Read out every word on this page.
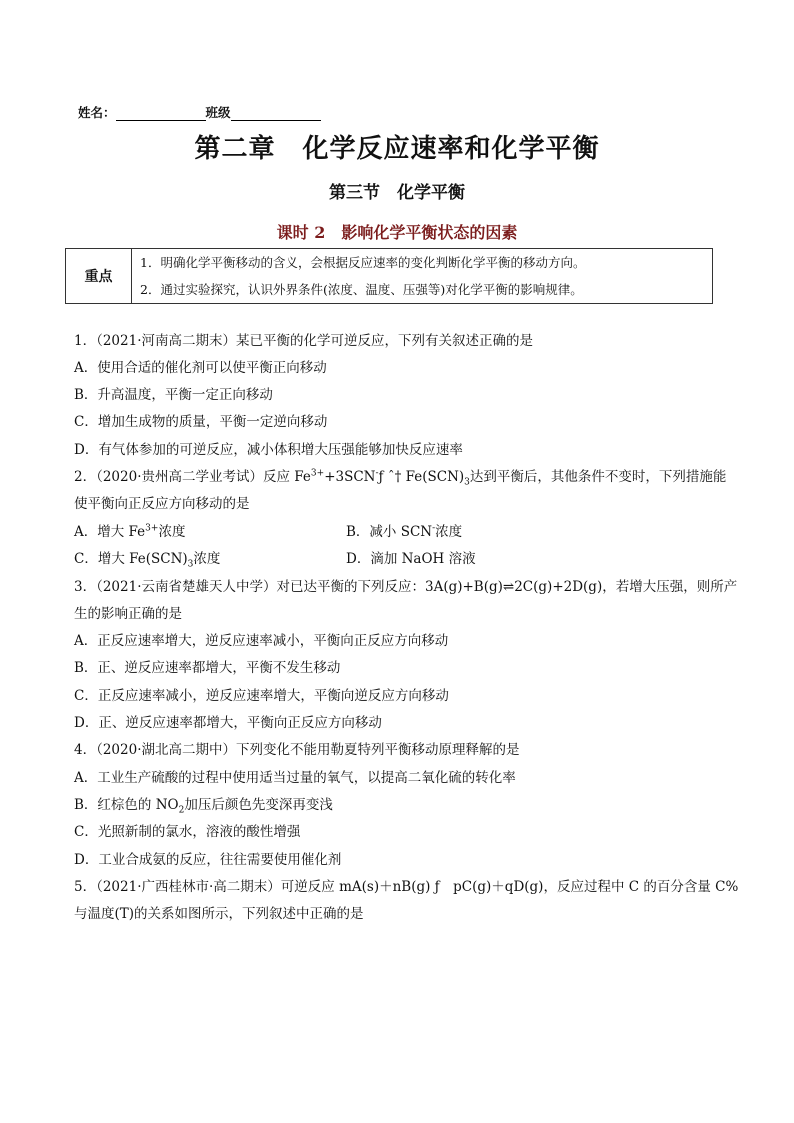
姓名：	班级
第二章　化学反应速率和化学平衡
第三节　化学平衡
课时 2　影响化学平衡状态的因素
重点	
1．明确化学平衡移动的含义，会根据反应速率的变化判断化学平衡的移动方向。
2．通过实验探究，认识外界条件(浓度、温度、压强等)对化学平衡的影响规律。
1．（2021·河南高二期末）某已平衡的化学可逆反应，下列有关叙述正确的是
A．使用合适的催化剂可以使平衡正向移动
B．升高温度，平衡一定正向移动
C．增加生成物的质量，平衡一定逆向移动
D．有气体参加的可逆反应，减小体积增大压强能够加快反应速率
2．（2020·贵州高二学业考试）反应 $Fe^{3+}+3SCN^-ƒ$ ˆ† $Fe(SCN)_3$达到平衡后，其他条件不变时，下列措施能
使平衡向正反应方向移动的是
A．增大 $Fe^{3+}$浓度	B．减小 SCN-浓度
C．增大 $Fe(SCN)_3$浓度	D．滴加 NaOH 溶液
3．（2021·云南省楚雄天人中学）对已达平衡的下列反应：3A(g)+B(g)⇌2C(g)+2D(g)，若增大压强，则所产
生的影响正确的是
A．正反应速率增大，逆反应速率减小，平衡向正反应方向移动
B．正、逆反应速率都增大，平衡不发生移动
C．正反应速率减小，逆反应速率增大，平衡向逆反应方向移动
D．正、逆反应速率都增大，平衡向正反应方向移动
4．（2020·湖北高二期中）下列变化不能用勒夏特列平衡移动原理释解的是
A．工业生产硫酸的过程中使用适当过量的氧气，以提高二氧化硫的转化率
B．红棕色的 $NO_2$加压后颜色先变深再变浅
C．光照新制的氯水，溶液的酸性增强
D．工业合成氨的反应，往往需要使用催化剂
5．（2021·广西桂林市·高二期末）可逆反应 mA(s)＋nB(g) ƒ　pC(g)＋qD(g)，反应过程中 C 的百分含量 C%
与温度(T)的关系如图所示，下列叙述中正确的是
